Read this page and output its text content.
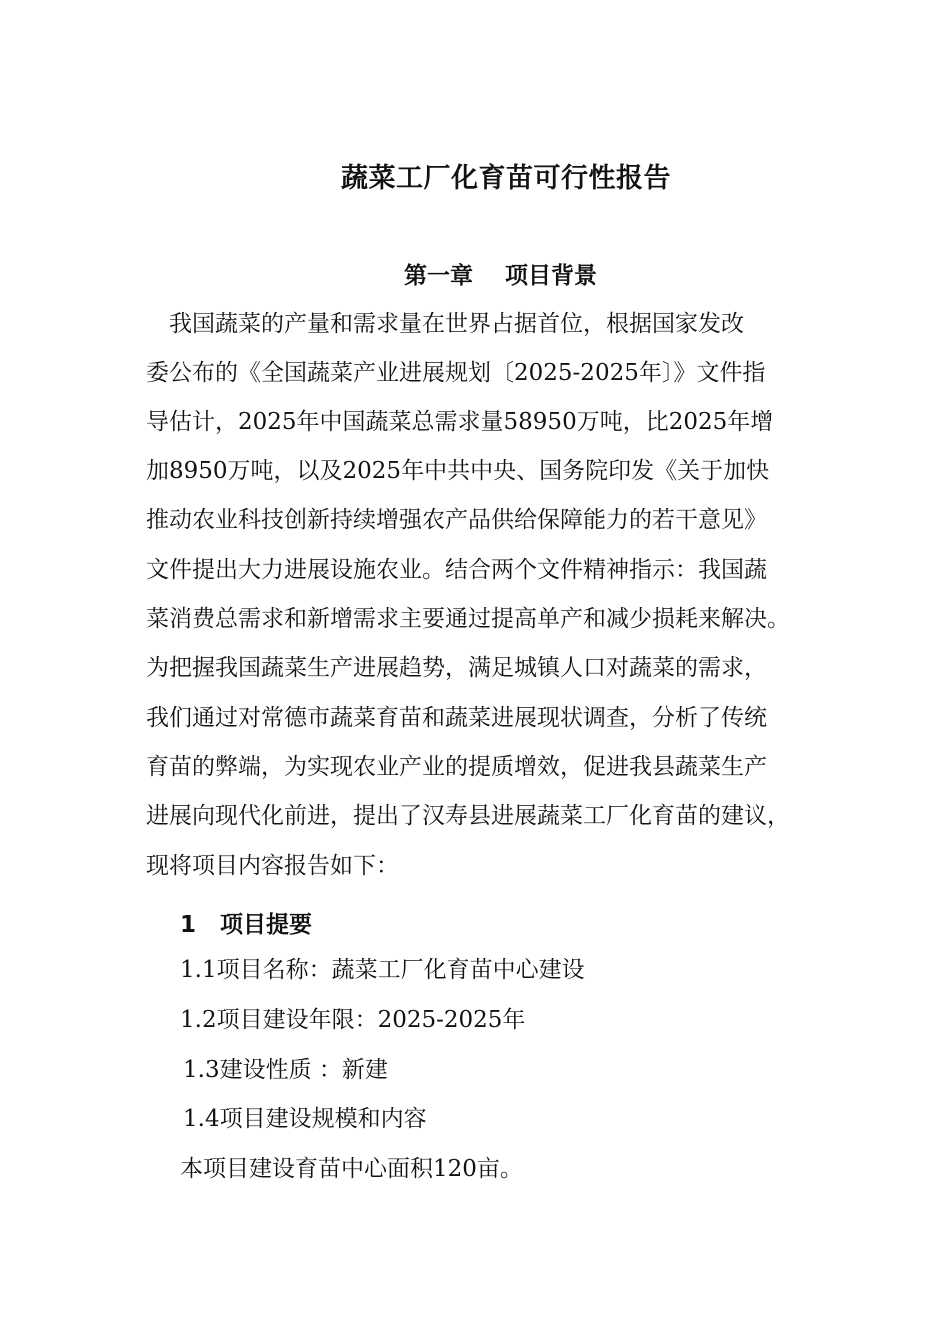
蔬菜工厂化育苗可行性报告
第一章 项目背景
　我国蔬菜的产量和需求量在世界占据首位，根据国家发改
委公布的《全国蔬菜产业进展规划〔2025-2025年〕》文件指
导估计，2025年中国蔬菜总需求量58950万吨，比2025年增
加8950万吨，以及2025年中共中央、国务院印发《关于加快
推动农业科技创新持续增强农产品供给保障能力的若干意见》
文件提出大力进展设施农业。结合两个文件精神指示：我国蔬
菜消费总需求和新增需求主要通过提高单产和减少损耗来解决。
为把握我国蔬菜生产进展趋势，满足城镇人口对蔬菜的需求，
我们通过对常德市蔬菜育苗和蔬菜进展现状调查，分析了传统
育苗的弊端，为实现农业产业的提质增效，促进我县蔬菜生产
进展向现代化前进，提出了汉寿县进展蔬菜工厂化育苗的建议，
现将项目内容报告如下：
1 项目提要
1.1项目名称：蔬菜工厂化育苗中心建设
1.2项目建设年限：2025-2025年
1.3建设性质 ：新建
1.4项目建设规模和内容
本项目建设育苗中心面积120亩。
